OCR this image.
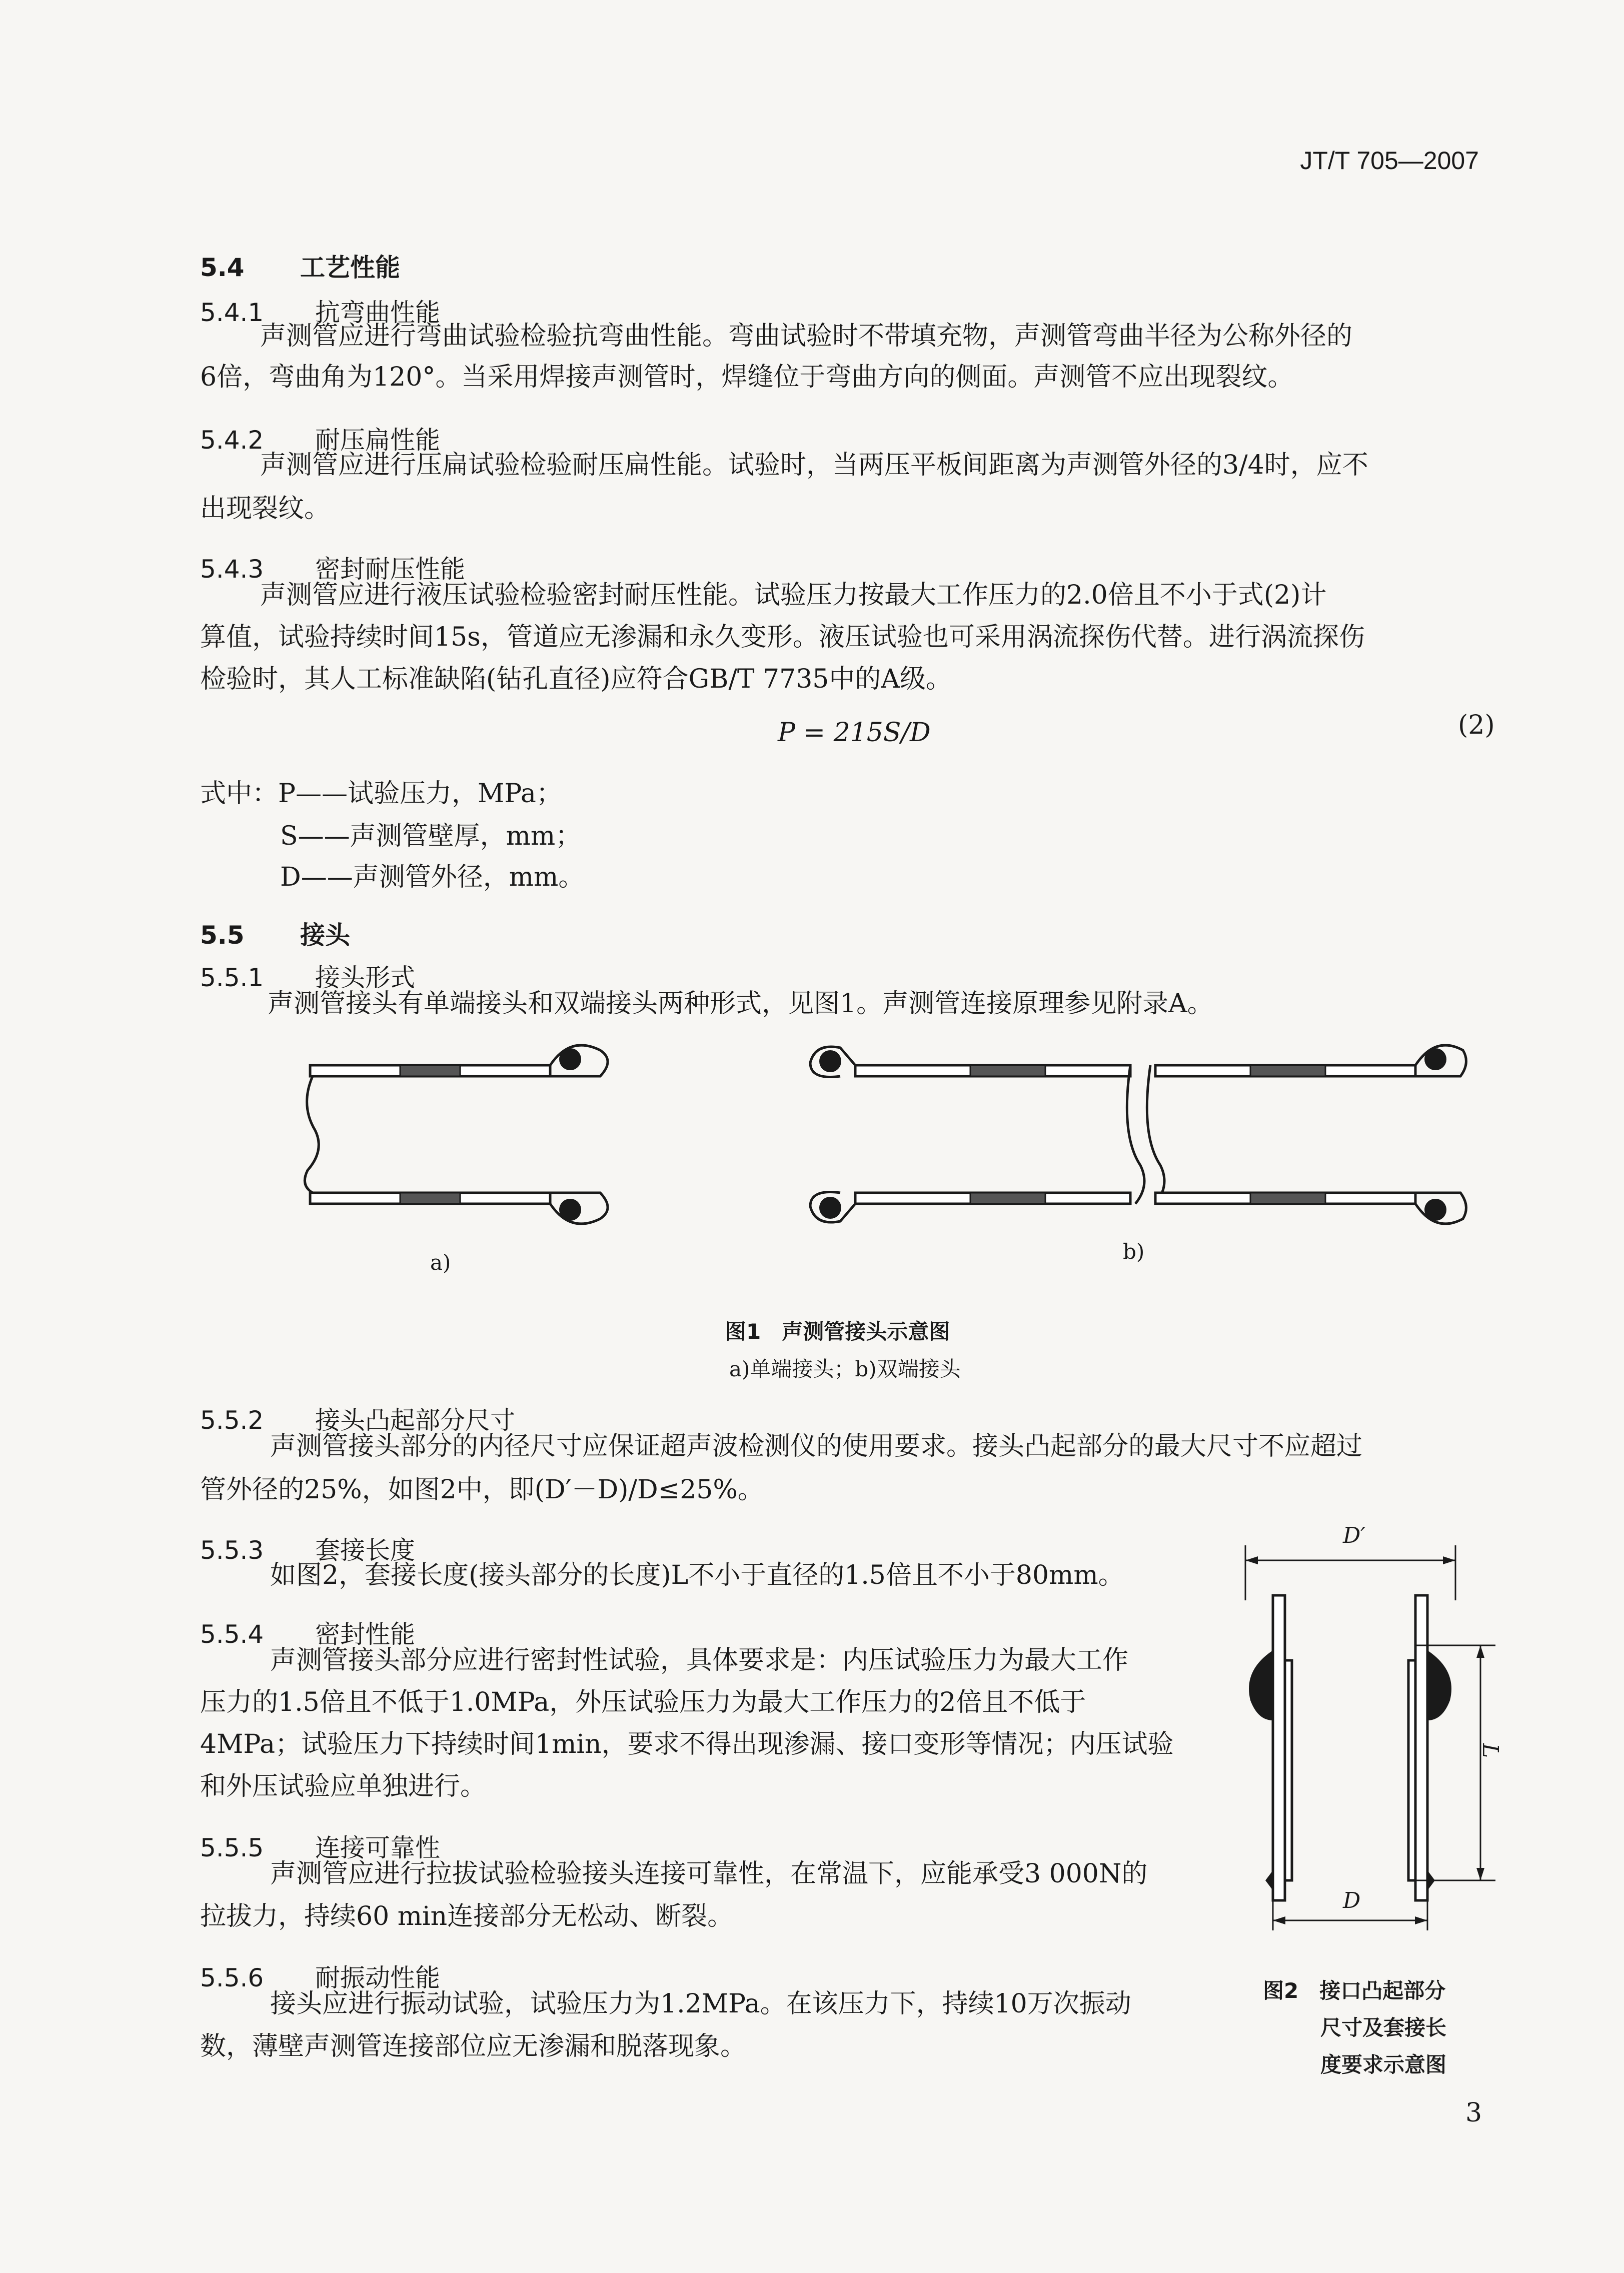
JT/T 705—2007
5.4 工艺性能
5.4.1 抗弯曲性能
声测管应进行弯曲试验检验抗弯曲性能。弯曲试验时不带填充物，声测管弯曲半径为公称外径的
6倍，弯曲角为120°。当采用焊接声测管时，焊缝位于弯曲方向的侧面。声测管不应出现裂纹。
5.4.2 耐压扁性能
声测管应进行压扁试验检验耐压扁性能。试验时，当两压平板间距离为声测管外径的3/4时，应不
出现裂纹。
5.4.3 密封耐压性能
声测管应进行液压试验检验密封耐压性能。试验压力按最大工作压力的2.0倍且不小于式(2)计
算值，试验持续时间15s，管道应无渗漏和永久变形。液压试验也可采用涡流探伤代替。进行涡流探伤
检验时，其人工标准缺陷(钻孔直径)应符合GB/T 7735中的A级。
P = 215S/D	(2)
式中：P——试验压力，MPa；
S——声测管壁厚，mm；
D——声测管外径，mm。
5.5 接头
5.5.1 接头形式
声测管接头有单端接头和双端接头两种形式，见图1。声测管连接原理参见附录A。
a)	b)
图1　声测管接头示意图
a)单端接头；b)双端接头
5.5.2 接头凸起部分尺寸
声测管接头部分的内径尺寸应保证超声波检测仪的使用要求。接头凸起部分的最大尺寸不应超过
管外径的25%，如图2中，即(D′－D)/D≤25%。
5.5.3 套接长度
如图2，套接长度(接头部分的长度)L不小于直径的1.5倍且不小于80mm。
5.5.4 密封性能
声测管接头部分应进行密封性试验，具体要求是：内压试验压力为最大工作
压力的1.5倍且不低于1.0MPa，外压试验压力为最大工作压力的2倍且不低于
4MPa；试验压力下持续时间1min，要求不得出现渗漏、接口变形等情况；内压试验
和外压试验应单独进行。
5.5.5 连接可靠性
声测管应进行拉拔试验检验接头连接可靠性，在常温下，应能承受3 000N的
拉拔力，持续60 min连接部分无松动、断裂。
5.5.6 耐振动性能
接头应进行振动试验，试验压力为1.2MPa。在该压力下，持续10万次振动
数，薄壁声测管连接部位应无渗漏和脱落现象。
D′
L
D
图2　接口凸起部分
尺寸及套接长
度要求示意图
3
